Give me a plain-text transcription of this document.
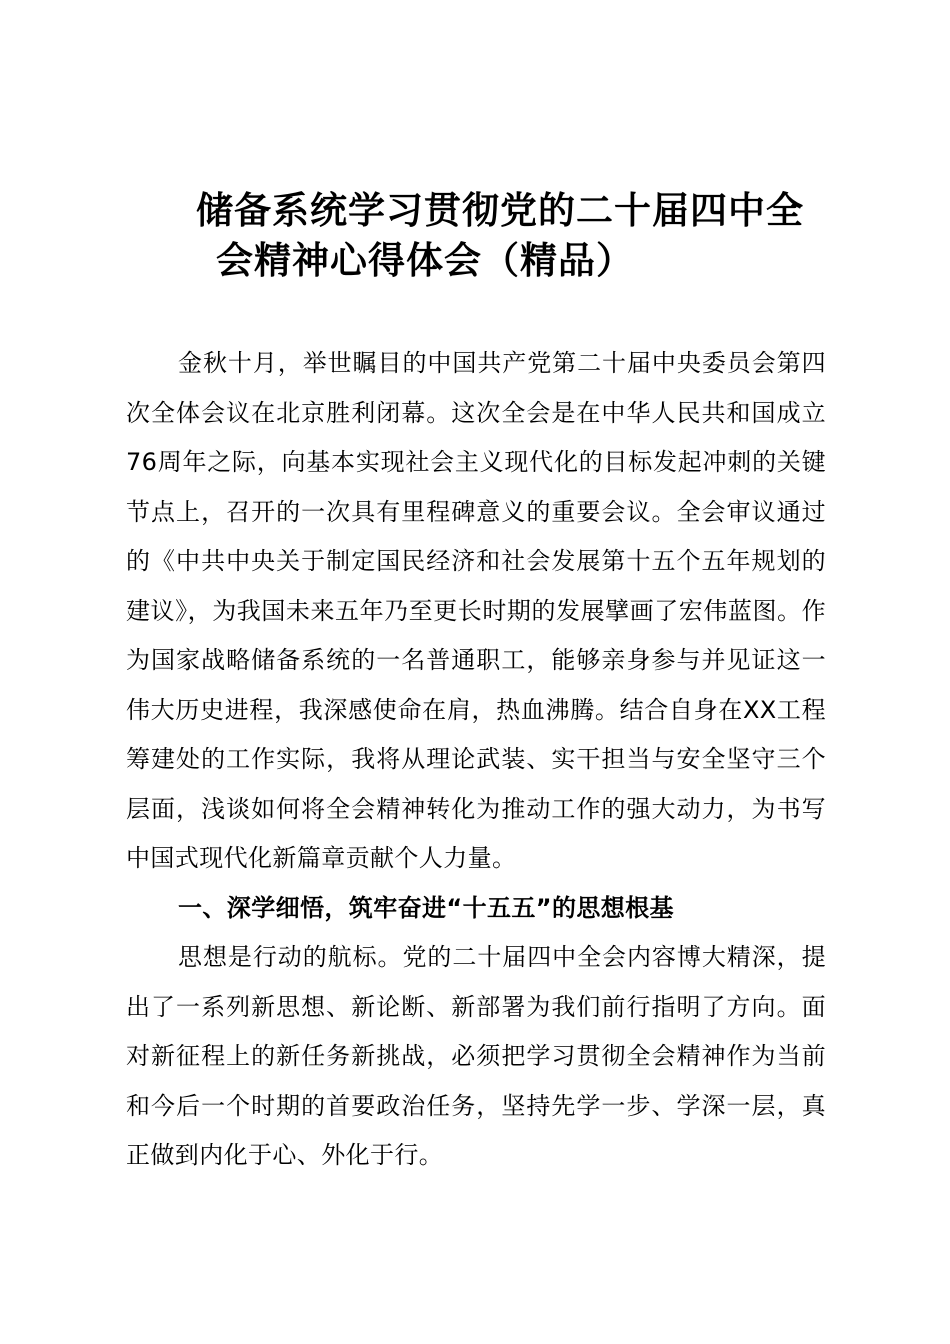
储备系统学习贯彻党的二十届四中全
会精神心得体会（精品）

金秋十月，举世瞩目的中国共产党第二十届中央委员会第四次全体会议在北京胜利闭幕。这次全会是在中华人民共和国成立76周年之际，向基本实现社会主义现代化的目标发起冲刺的关键节点上，召开的一次具有里程碑意义的重要会议。全会审议通过的《中共中央关于制定国民经济和社会发展第十五个五年规划的建议》，为我国未来五年乃至更长时期的发展擘画了宏伟蓝图。作为国家战略储备系统的一名普通职工，能够亲身参与并见证这一伟大历史进程，我深感使命在肩，热血沸腾。结合自身在XX工程筹建处的工作实际，我将从理论武装、实干担当与安全坚守三个层面，浅谈如何将全会精神转化为推动工作的强大动力，为书写中国式现代化新篇章贡献个人力量。

一、深学细悟，筑牢奋进“十五五”的思想根基

思想是行动的航标。党的二十届四中全会内容博大精深，提出了一系列新思想、新论断、新部署为我们前行指明了方向。面对新征程上的新任务新挑战，必须把学习贯彻全会精神作为当前和今后一个时期的首要政治任务，坚持先学一步、学深一层，真正做到内化于心、外化于行。
